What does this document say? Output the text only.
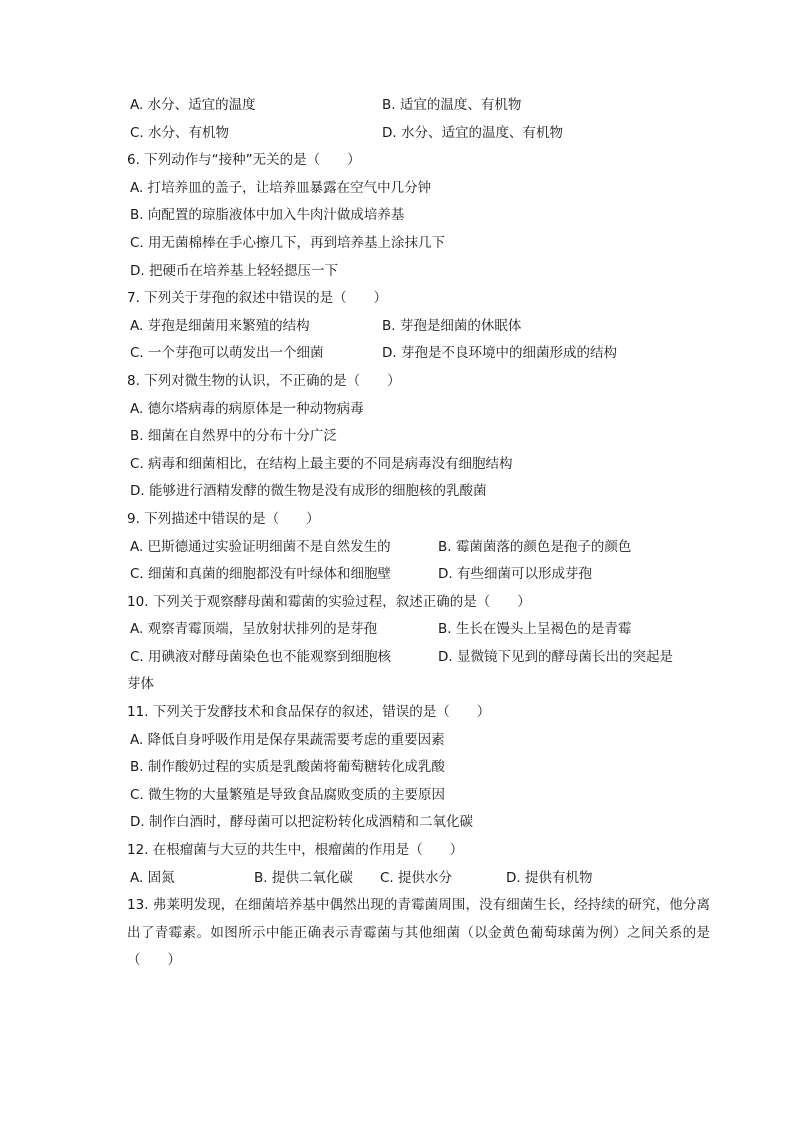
A. 水分、适宜的温度	B. 适宜的温度、有机物
C. 水分、有机物	D. 水分、适宜的温度、有机物
6. 下列动作与“接种”无关的是（　　）
A. 打培养皿的盖子，让培养皿暴露在空气中几分钟
B. 向配置的琼脂液体中加入牛肉汁做成培养基
C. 用无菌棉棒在手心擦几下，再到培养基上涂抹几下
D. 把硬币在培养基上轻轻摁压一下
7. 下列关于芽孢的叙述中错误的是（　　）
A. 芽孢是细菌用来繁殖的结构	B. 芽孢是细菌的休眠体
C. 一个芽孢可以萌发出一个细菌	D. 芽孢是不良环境中的细菌形成的结构
8. 下列对微生物的认识，不正确的是（　　）
A. 德尔塔病毒的病原体是一种动物病毒
B. 细菌在自然界中的分布十分广泛
C. 病毒和细菌相比，在结构上最主要的不同是病毒没有细胞结构
D. 能够进行酒精发酵的微生物是没有成形的细胞核的乳酸菌
9. 下列描述中错误的是（　　）
A. 巴斯德通过实验证明细菌不是自然发生的	B. 霉菌菌落的颜色是孢子的颜色
C. 细菌和真菌的细胞都没有叶绿体和细胞壁	D. 有些细菌可以形成芽孢
10. 下列关于观察酵母菌和霉菌的实验过程，叙述正确的是（　　）
A. 观察青霉顶端，呈放射状排列的是芽孢	B. 生长在馒头上呈褐色的是青霉
C. 用碘液对酵母菌染色也不能观察到细胞核	D. 显微镜下见到的酵母菌长出的突起是
芽体
11. 下列关于发酵技术和食品保存的叙述，错误的是（　　）
A. 降低自身呼吸作用是保存果蔬需要考虑的重要因素
B. 制作酸奶过程的实质是乳酸菌将葡萄糖转化成乳酸
C. 微生物的大量繁殖是导致食品腐败变质的主要原因
D. 制作白酒时，酵母菌可以把淀粉转化成酒精和二氧化碳
12. 在根瘤菌与大豆的共生中，根瘤菌的作用是（　　）
A. 固氮	B. 提供二氧化碳 C. 提供水分	D. 提供有机物
13. 弗莱明发现，在细菌培养基中偶然出现的青霉菌周围，没有细菌生长，经持续的研究，他分离出了青霉素。如图所示中能正确表示青霉菌与其他细菌（以金黄色葡萄球菌为例）之间关系的是（　　）
